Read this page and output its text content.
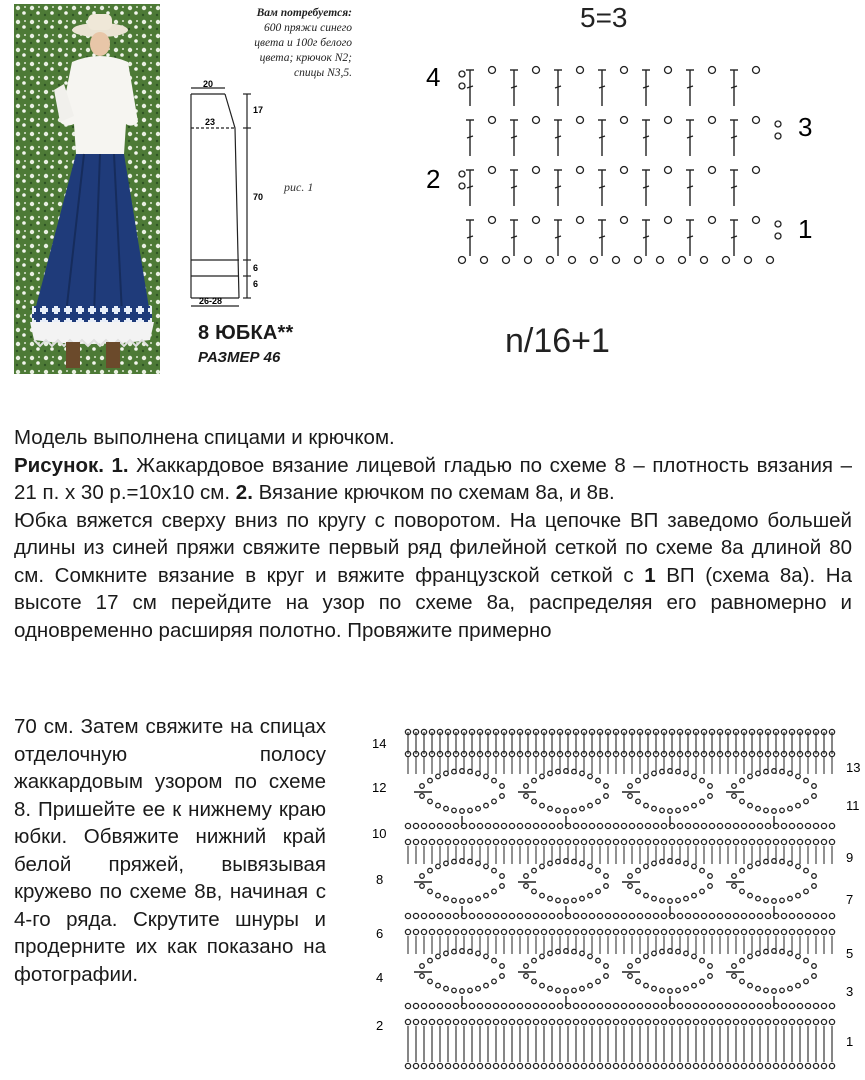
Вам потребуется:
600 пряжи синего
цвета и 100г белого
цвета; крючок N2;
спицы N3,5.
20
23
17
70
6
6
26-28
рис. 1
8 ЮБКА**
РАЗМЕР 46
5=3
4
3
2
1
n/16+1

Модель выполнена спицами и крючком.

Рисунок. 1. Жаккардовое вязание лицевой гладью по схеме 8 – плотность вязания – 21 п. х 30 р.=10х10 см. 2. Вязание крючком по схемам 8а, и 8в.

Юбка вяжется сверху вниз по кругу с поворотом. На цепочке ВП заведомо большей длины из синей пряжи свяжите первый ряд филейной сеткой по схеме 8а длиной 80 см. Сомкните вязание в круг и вяжите французской сеткой с 1 ВП (схема 8а). На высоте 17 см перейдите на узор по схеме 8а, распределяя его равномерно и одновременно расширяя полотно. Провяжите примерно

70 см. Затем свяжите на спицах отделочную полосу жаккардовым узором по схеме 8. Пришейте ее к нижнему краю юбки. Обвяжите нижний край белой пряжей, вывязывая кружево по схеме 8в, начиная с 4-го ряда. Скрутите шнуры и продерните их как показано на фотографии.
14
12
10
8
6
4
2
13
11
9
7
5
3
1
